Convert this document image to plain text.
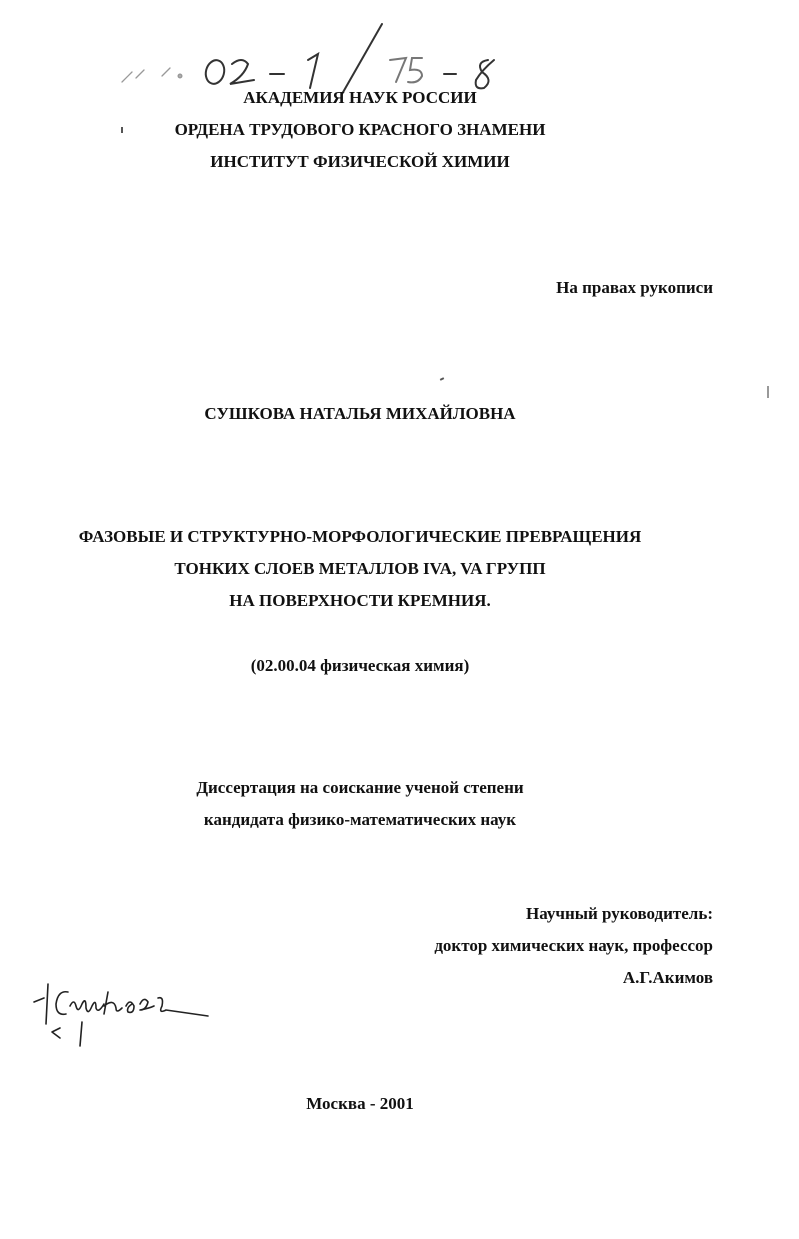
02 - 1 / 75 - 8
АКАДЕМИЯ НАУК РОССИИ
ОРДЕНА ТРУДОВОГО КРАСНОГО ЗНАМЕНИ
ИНСТИТУТ ФИЗИЧЕСКОЙ ХИМИИ
На правах рукописи
СУШКОВА НАТАЛЬЯ МИХАЙЛОВНА
ФАЗОВЫЕ И СТРУКТУРНО-МОРФОЛОГИЧЕСКИЕ ПРЕВРАЩЕНИЯ
ТОНКИХ СЛОЕВ МЕТАЛЛОВ IVA, VA ГРУПП
НА ПОВЕРХНОСТИ КРЕМНИЯ.
(02.00.04 физическая химия)
Диссертация на соискание ученой степени
кандидата физико-математических наук
Научный руководитель:
доктор химических наук, профессор
А.Г.Акимов
Сушкова
Москва - 2001
